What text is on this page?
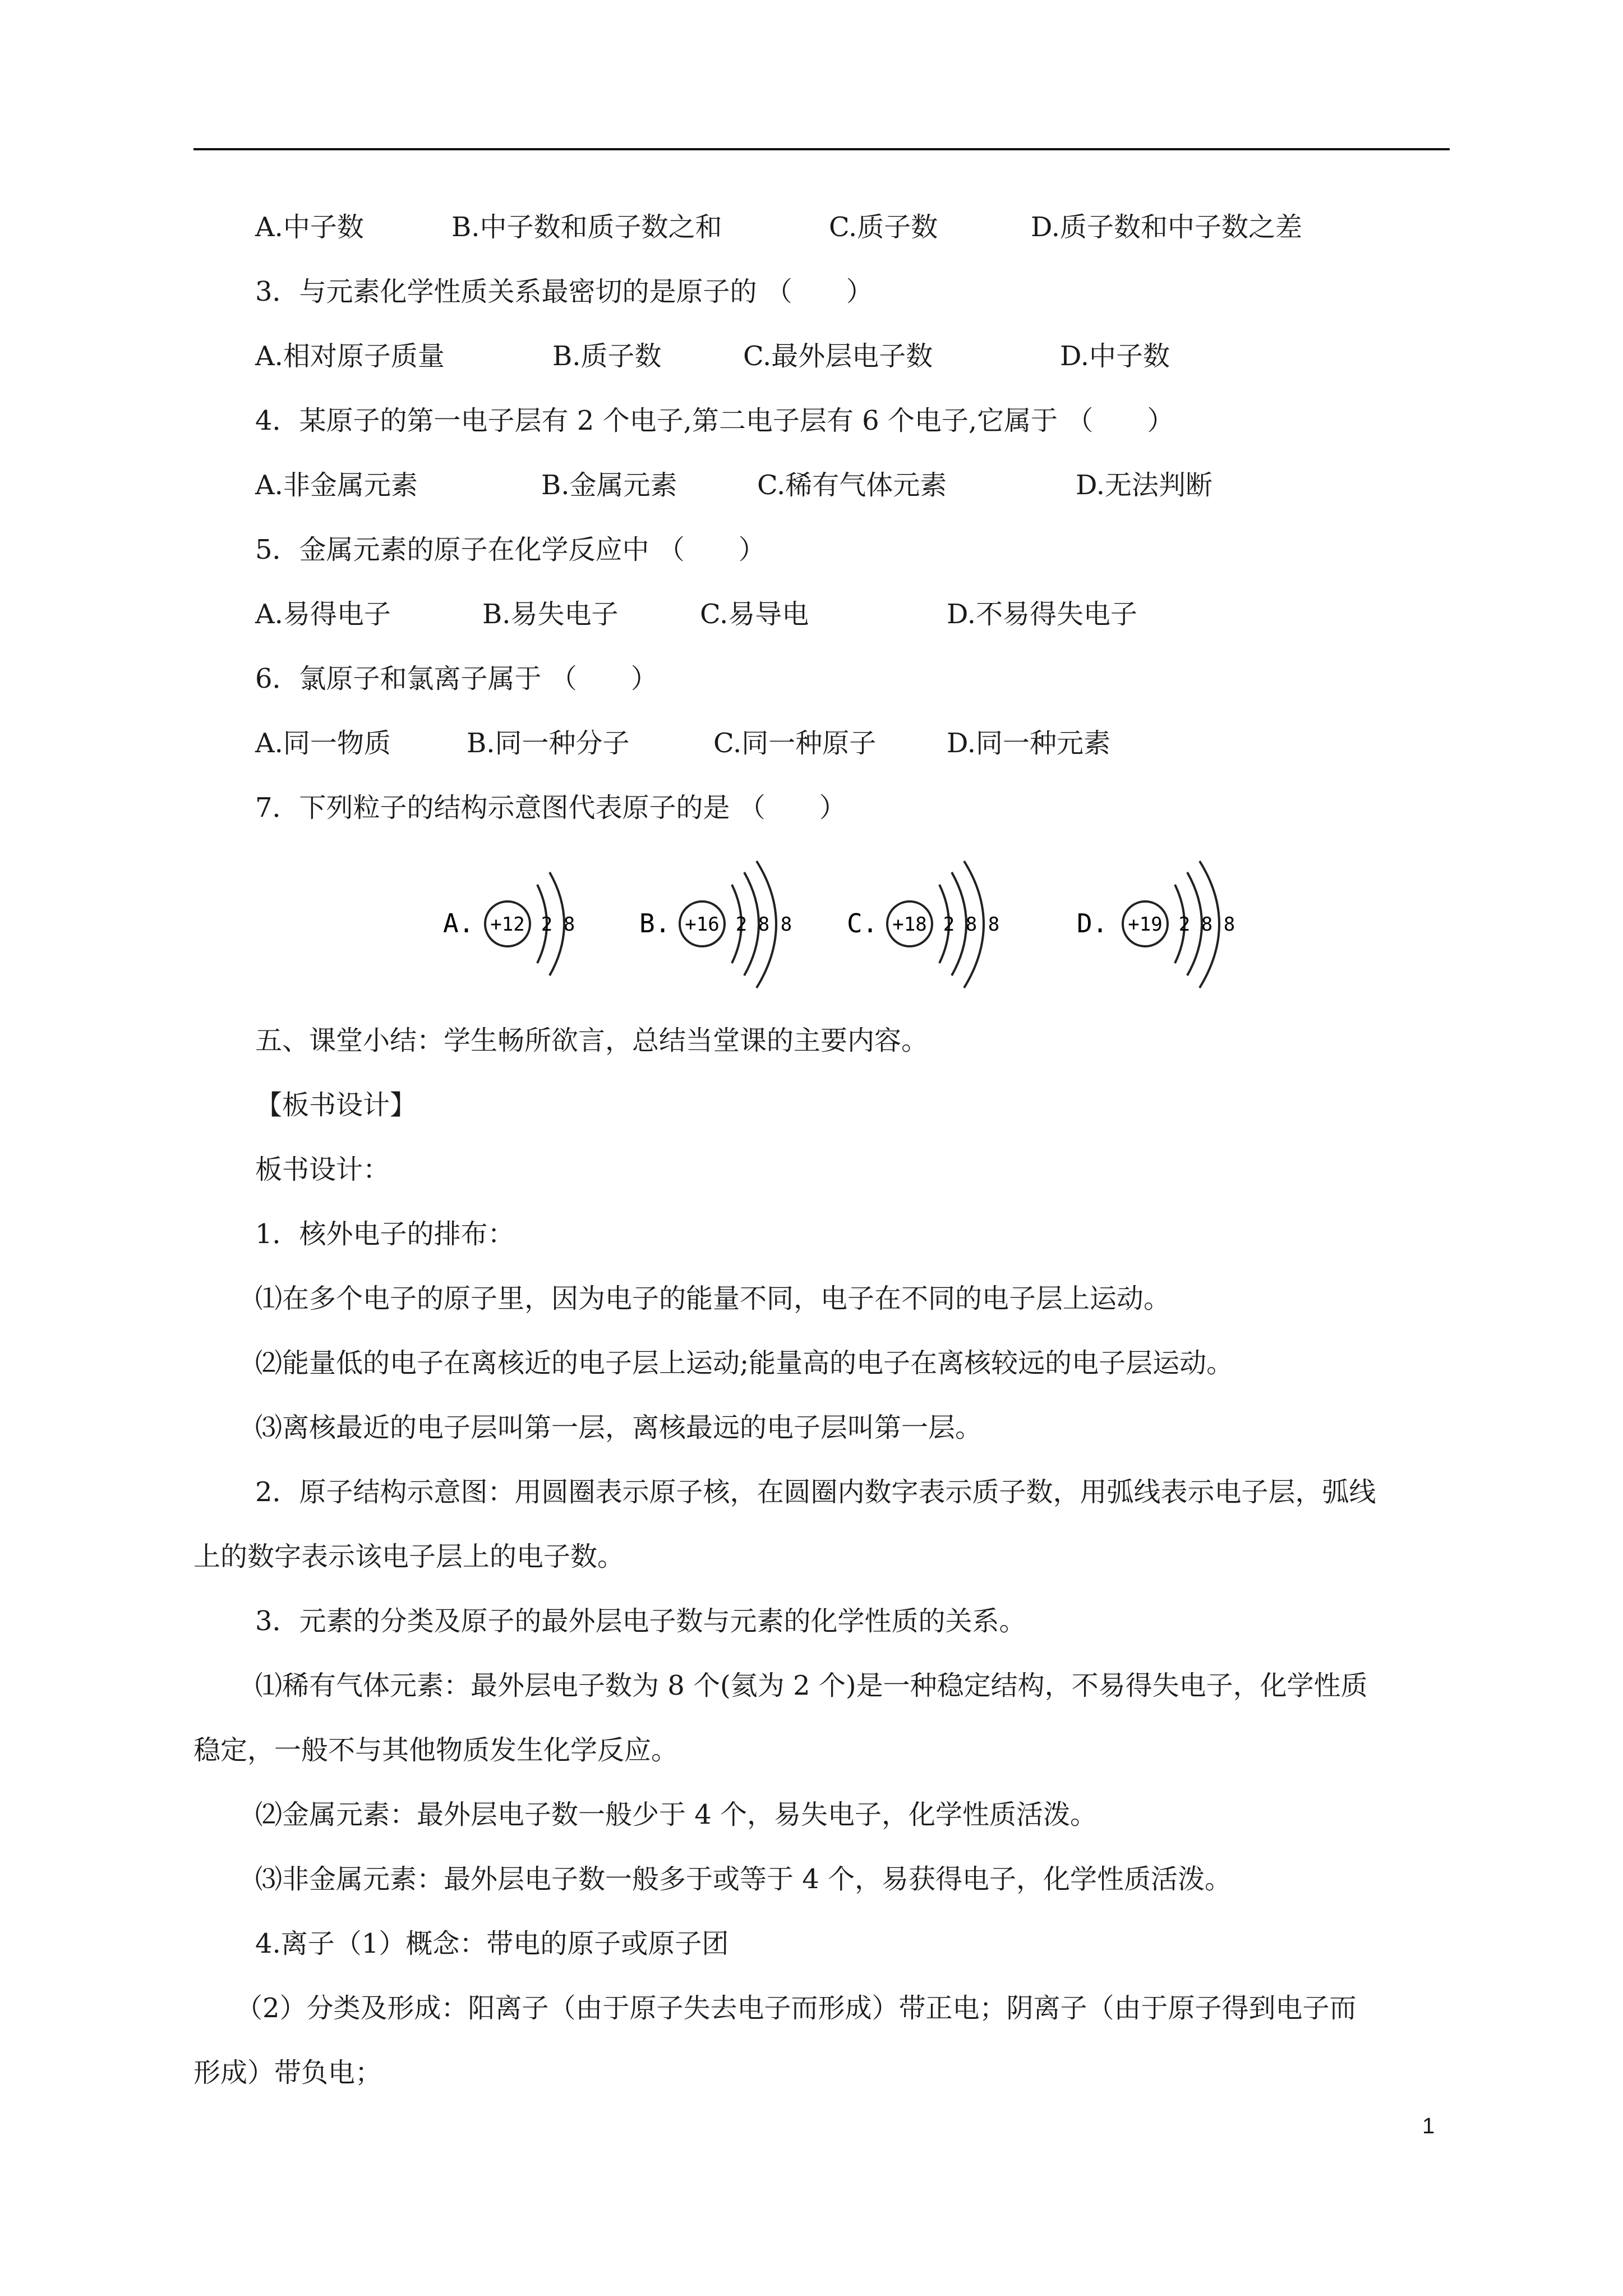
A.中子数	B.中子数和质子数之和	C.质子数	D.质子数和中子数之差
3．与元素化学性质关系最密切的是原子的 （　　）
A.相对原子质量	B.质子数	C.最外层电子数	D.中子数
4．某原子的第一电子层有 2 个电子,第二电子层有 6 个电子,它属于 （　　）
A.非金属元素	B.金属元素	C.稀有气体元素	D.无法判断
5．金属元素的原子在化学反应中 （　　）
A.易得电子	B.易失电子	C.易导电	D.不易得失电子
6．氯原子和氯离子属于 （　　）
A.同一物质	B.同一种分子	C.同一种原子	D.同一种元素
7．下列粒子的结构示意图代表原子的是 （　　）
A. +12 2 8 B. +16 2 8 8 C. +18 2 8 8	D. +19 2 8 8
五、课堂小结：学生畅所欲言，总结当堂课的主要内容。
【板书设计】
板书设计：
1．核外电子的排布：
⑴在多个电子的原子里，因为电子的能量不同，电子在不同的电子层上运动。
⑵能量低的电子在离核近的电子层上运动;能量高的电子在离核较远的电子层运动。
⑶离核最近的电子层叫第一层，离核最远的电子层叫第一层。
2．原子结构示意图：用圆圈表示原子核，在圆圈内数字表示质子数，用弧线表示电子层，弧线
上的数字表示该电子层上的电子数。
3．元素的分类及原子的最外层电子数与元素的化学性质的关系。
⑴稀有气体元素：最外层电子数为 8 个(氦为 2 个)是一种稳定结构，不易得失电子，化学性质
稳定，一般不与其他物质发生化学反应。
⑵金属元素：最外层电子数一般少于 4 个，易失电子，化学性质活泼。
⑶非金属元素：最外层电子数一般多于或等于 4 个，易获得电子，化学性质活泼。
4.离子（1）概念：带电的原子或原子团
（2）分类及形成：阳离子（由于原子失去电子而形成）带正电；阴离子（由于原子得到电子而
形成）带负电；
1
